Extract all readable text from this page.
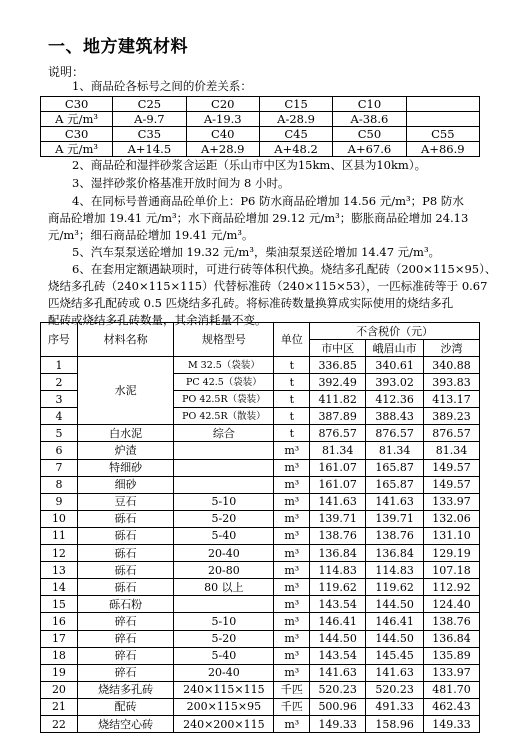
一、地方建筑材料
说明：
1、商品砼各标号之间的价差关系：
C30	C25	C20	C15	C10	
A 元/m³	A-9.7	A-19.3	A-28.9	A-38.6	
C30	C35	C40	C45	C50	C55
A 元/m³	A+14.5	A+28.9	A+48.2	A+67.6	A+86.9
2、商品砼和湿拌砂浆含运距（乐山市中区为15km、区县为10km）。
3、湿拌砂浆价格基准开放时间为 8 小时。
4、在同标号普通商品砼单价上：P6 防水商品砼增加 14.56 元/m³；P8 防水
商品砼增加 19.41 元/m³；水下商品砼增加 29.12 元/m³；膨胀商品砼增加 24.13
元/m³；细石商品砼增加 19.41 元/m³。
5、汽车泵泵送砼增加 19.32 元/m³，柴油泵泵送砼增加 14.47 元/m³。
6、在套用定额遇缺项时，可进行砖等体积代换。烧结多孔配砖（200×115×95）、
烧结多孔砖（240×115×115）代替标准砖（240×115×53），一匹标准砖等于 0.67
匹烧结多孔配砖或 0.5 匹烧结多孔砖。将标准砖数量换算成实际使用的烧结多孔
配砖或烧结多孔砖数量，其余消耗量不变。
序号	材料名称	规格型号	单位	不含税价（元）		
				市中区	峨眉山市	沙湾
1	水泥	M 32.5（袋装）	t	336.85	340.61	340.88
2		PC 42.5（袋装）	t	392.49	393.02	393.83
3		PO 42.5R（袋装）	t	411.82	412.36	413.17
4		PO 42.5R（散装）	t	387.89	388.43	389.23
5	白水泥	综合	t	876.57	876.57	876.57
6	炉渣		m³	81.34	81.34	81.34
7	特细砂		m³	161.07	165.87	149.57
8	细砂		m³	161.07	165.87	149.57
9	豆石	5-10	m³	141.63	141.63	133.97
10	砾石	5-20	m³	139.71	139.71	132.06
11	砾石	5-40	m³	138.76	138.76	131.10
12	砾石	20-40	m³	136.84	136.84	129.19
13	砾石	20-80	m³	114.83	114.83	107.18
14	砾石	80 以上	m³	119.62	119.62	112.92
15	砾石粉		m³	143.54	144.50	124.40
16	碎石	5-10	m³	146.41	146.41	138.76
17	碎石	5-20	m³	144.50	144.50	136.84
18	碎石	5-40	m³	143.54	145.45	135.89
19	碎石	20-40	m³	141.63	141.63	133.97
20	烧结多孔砖	240×115×115	千匹	520.23	520.23	481.70
21	配砖	200×115×95	千匹	500.96	491.33	462.43
22	烧结空心砖	240×200×115	m³	149.33	158.96	149.33
